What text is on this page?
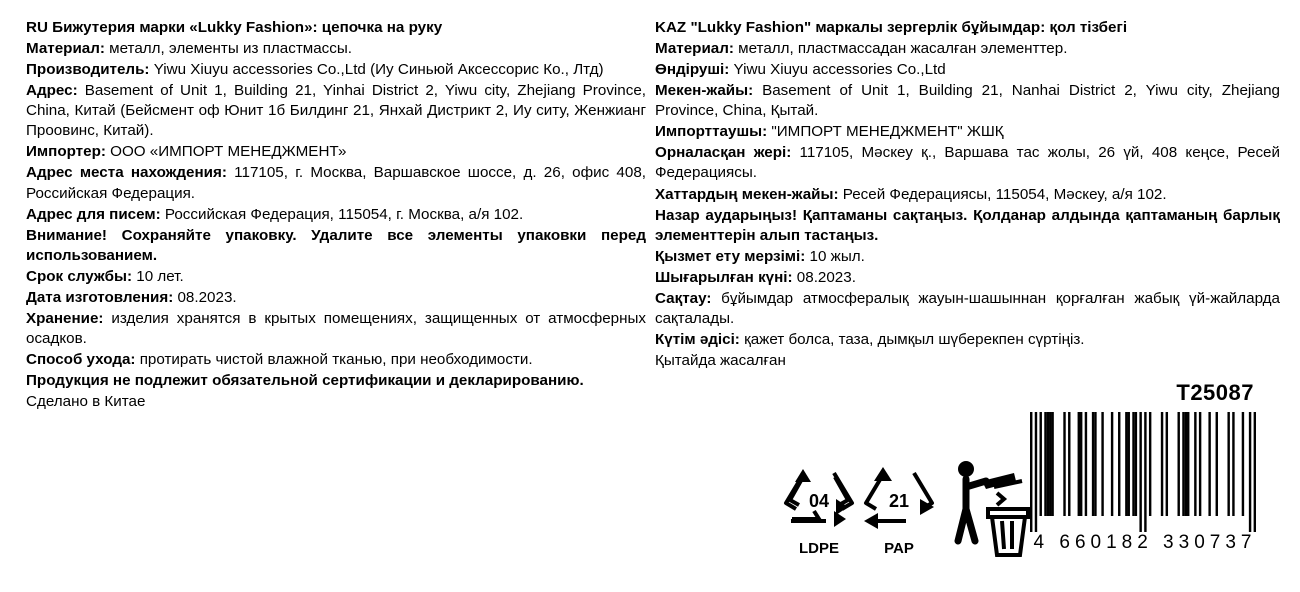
RU Бижутерия марки «Lukky Fashion»: цепочка на руку

Материал: металл, элементы из пластмассы.

Производитель: Yiwu Xiuyu accessories Co.,Ltd (Иу Синьюй Аксессорис Ко., Лтд)

Адрес: Basement of Unit 1, Building 21, Yinhai District 2, Yiwu city, Zhejiang Province, China, Китай (Бейсмент оф Юнит 1б Билдинг 21, Янхай Дистрикт 2, Иу ситу, Женжианг Проовинс, Китай).

Импортер: ООО «ИМПОРТ МЕНЕДЖМЕНТ»

Адрес места нахождения: 117105, г. Москва, Варшавское шоссе, д. 26, офис 408, Российская Федерация.

Адрес для писем: Российская Федерация, 115054, г. Москва, а/я 102.

Внимание! Сохраняйте упаковку. Удалите все элементы упаковки перед использованием.

Срок службы: 10 лет.

Дата изготовления: 08.2023.

Хранение: изделия хранятся в крытых помещениях, защищенных от атмосферных осадков.

Способ ухода: протирать чистой влажной тканью, при необходимости.

Продукция не подлежит обязательной сертификации и декларированию.

Сделано в Китае

KAZ "Lukky Fashion" маркалы зергерлік бұйымдар: қол тізбегі

Материал: металл, пластмассадан жасалған элементтер.

Өндіруші: Yiwu Xiuyu accessories Co.,Ltd

Мекен-жайы: Basement of Unit 1, Building 21, Nanhai District 2, Yiwu city, Zhejiang Province, China, Қытай.

Импорттаушы: "ИМПОРТ МЕНЕДЖМЕНТ" ЖШҚ

Орналасқан жері: 117105, Мәскеу қ., Варшава тас жолы, 26 үй, 408 кеңсе, Ресей Федерациясы.

Хаттардың мекен-жайы: Ресей Федерациясы, 115054, Мәскеу, а/я 102.

Назар аударыңыз! Қаптаманы сақтаңыз. Қолданар алдында қаптаманың барлық элементтерін алып тастаңыз.

Қызмет ету мерзімі: 10 жыл.

Шығарылған күні: 08.2023.

Сақтау: бұйымдар атмосфералық жауын-шашыннан қорғалған жабық үй-жайларда сақталады.

Күтім әдісі: қажет болса, таза, дымқыл шүберекпен сүртіңіз.

Қытайда жасалған

04
LDPE
21
PAP
T25087
4 660182 330737
